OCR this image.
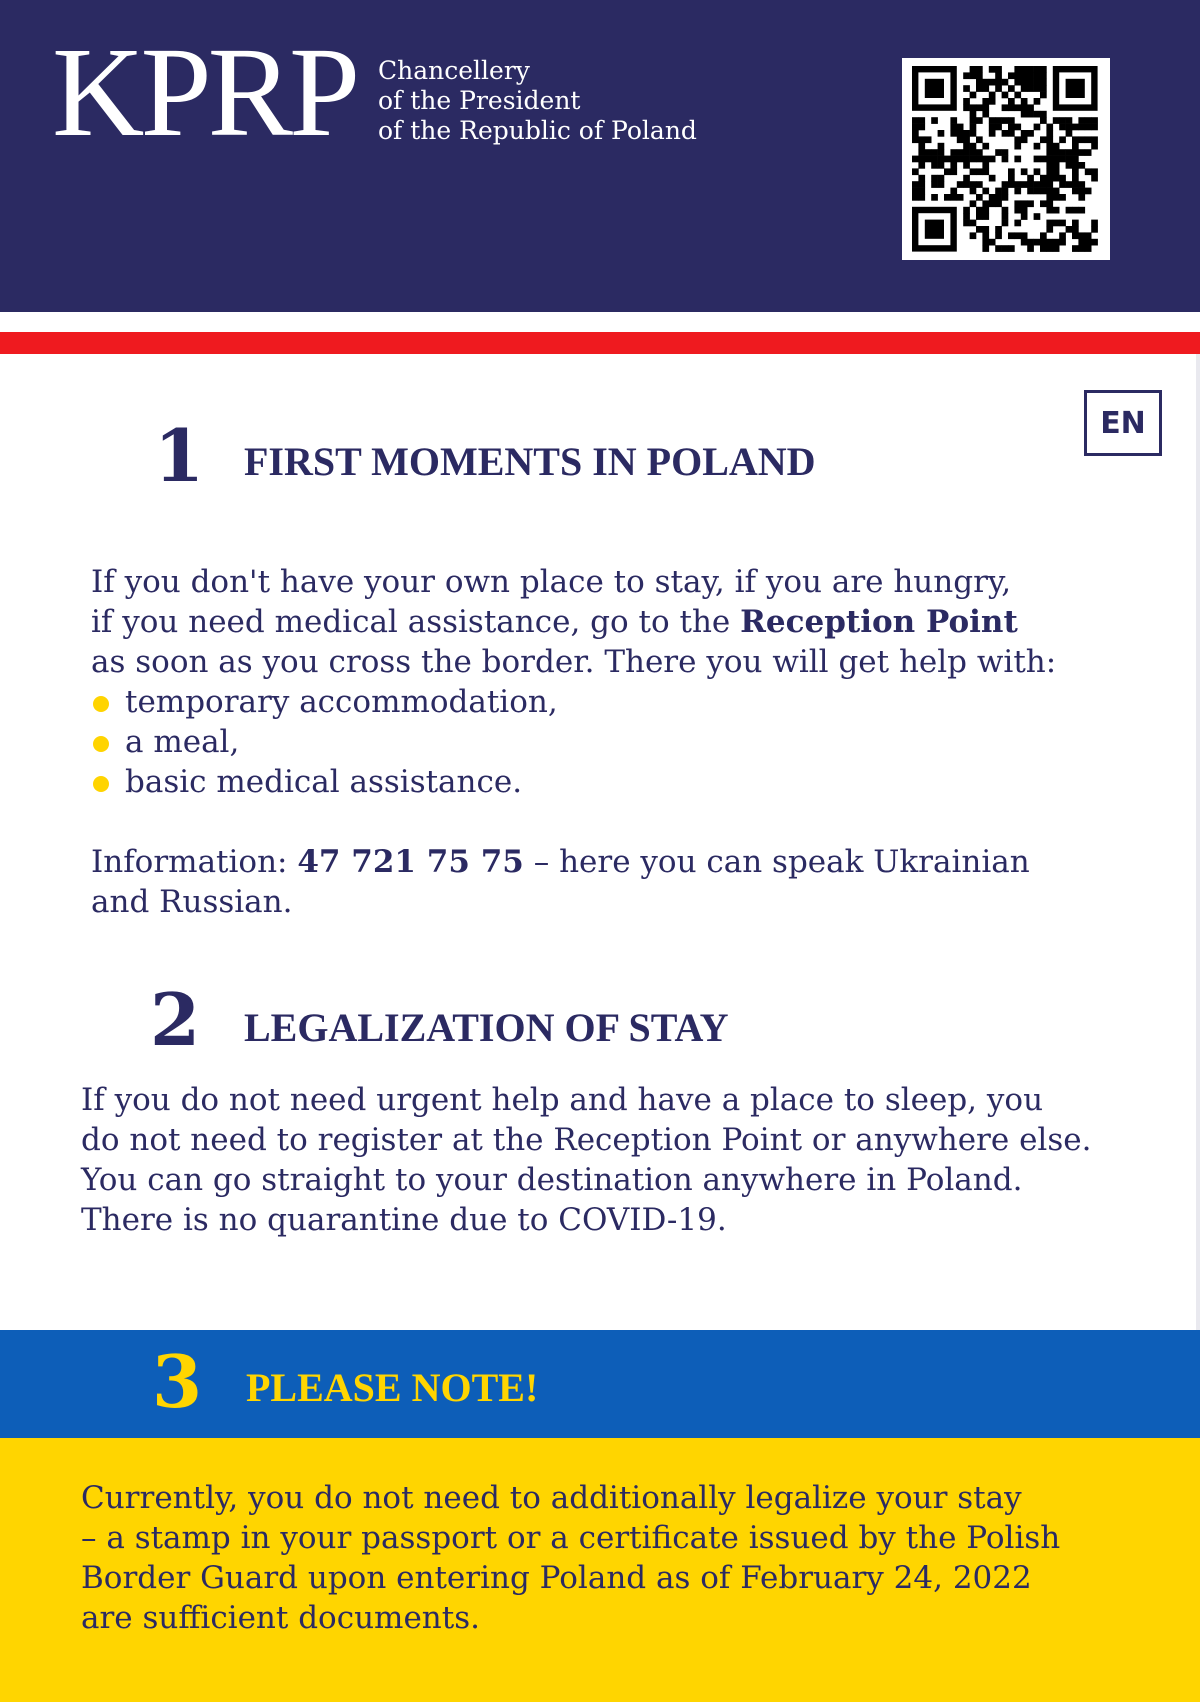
KPRP Chancellery
of the President
of the Republic of Poland
EN
1 FIRST MOMENTS IN POLAND
If you don't have your own place to stay, if you are hungry,
if you need medical assistance, go to the Reception Point
as soon as you cross the border. There you will get help with:
temporary accommodation,
a meal,
basic medical assistance.
Information: 47 721 75 75 – here you can speak Ukrainian
and Russian.
2 LEGALIZATION OF STAY
If you do not need urgent help and have a place to sleep, you
do not need to register at the Reception Point or anywhere else.
You can go straight to your destination anywhere in Poland.
There is no quarantine due to COVID-19.
3 PLEASE NOTE!
Currently, you do not need to additionally legalize your stay
– a stamp in your passport or a certificate issued by the Polish
Border Guard upon entering Poland as of February 24, 2022
are sufficient documents.
